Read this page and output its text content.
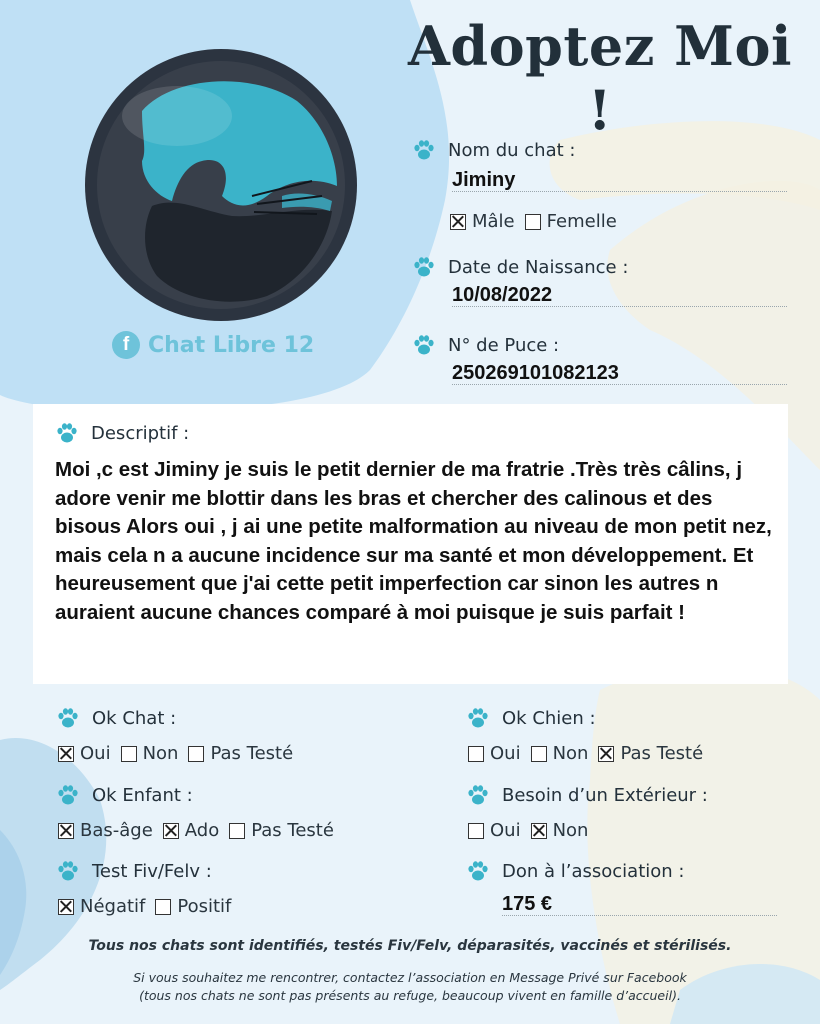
Adoptez Moi !
f Chat Libre 12
Nom du chat :
Jiminy
Mâle Femelle
Date de Naissance :
10/08/2022
N° de Puce :
250269101082123
Descriptif :
Moi ,c est Jiminy je suis le petit dernier de ma fratrie .Très très câlins, j adore venir me blottir dans les bras et chercher des calinous et des bisous Alors oui , j ai une petite malformation au niveau de mon petit nez, mais cela n a aucune incidence sur ma santé et mon développement. Et heureusement que j'ai cette petit imperfection car sinon les autres n auraient aucune chances comparé à moi puisque je suis parfait !
Ok Chat :
Oui Non Pas Testé
Ok Enfant :
Bas-âge Ado Pas Testé
Test Fiv/Felv :
Négatif Positif
Ok Chien :
Oui Non Pas Testé
Besoin d’un Extérieur :
Oui Non
Don à l’association :
175 €
Tous nos chats sont identifiés, testés Fiv/Felv, déparasités, vaccinés et stérilisés.
Si vous souhaitez me rencontrer, contactez l’association en Message Privé sur Facebook
(tous nos chats ne sont pas présents au refuge, beaucoup vivent en famille d’accueil).
